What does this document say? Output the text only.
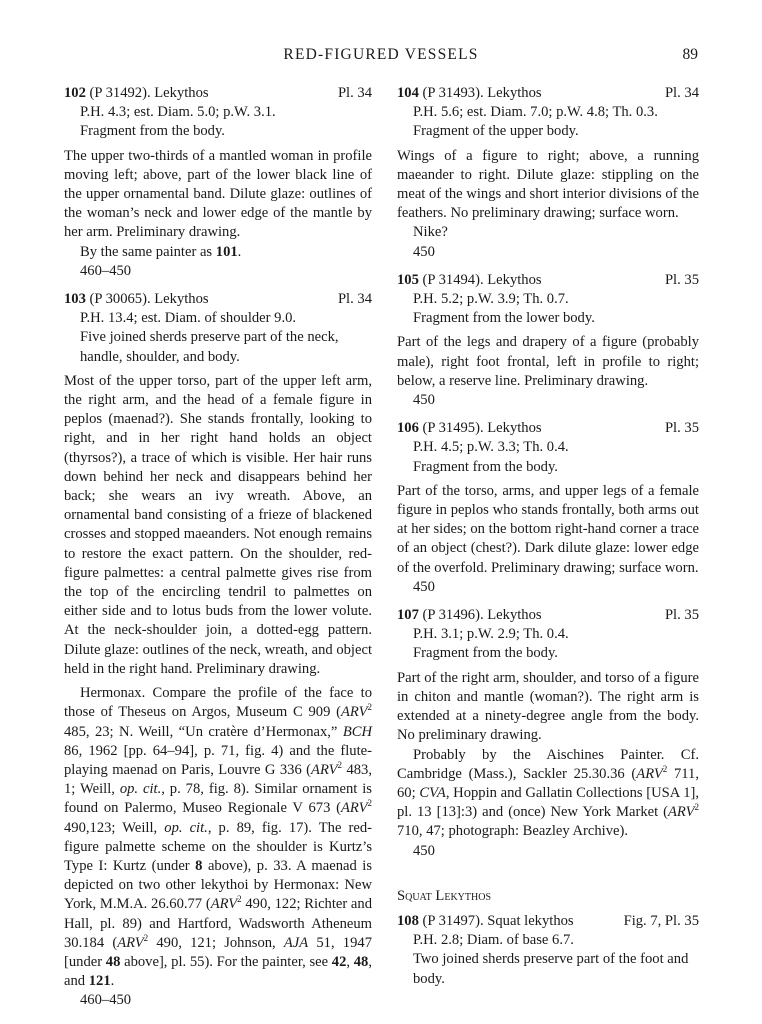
RED-FIGURED VESSELS	89

102 (P 31492). Lekythos	Pl. 34

P.H. 4.3; est. Diam. 5.0; p.W. 3.1.

Fragment from the body.

The upper two-thirds of a mantled woman in profile moving left; above, part of the lower black line of the upper ornamental band. Dilute glaze: outlines of the woman’s neck and lower edge of the mantle by her arm. Preliminary drawing.

By the same painter as 101.

460–450

103 (P 30065). Lekythos	Pl. 34

P.H. 13.4; est. Diam. of shoulder 9.0.

Five joined sherds preserve part of the neck, handle, shoulder, and body.

Most of the upper torso, part of the upper left arm, the right arm, and the head of a female figure in peplos (maenad?). She stands frontally, looking to right, and in her right hand holds an object (thyrsos?), a trace of which is visible. Her hair runs down behind her neck and disappears behind her back; she wears an ivy wreath. Above, an ornamental band consisting of a frieze of blackened crosses and stopped maeanders. Not enough remains to restore the exact pattern. On the shoulder, red-figure palmettes: a central palmette gives rise from the top of the encircling tendril to palmettes on either side and to lotus buds from the lower volute. At the neck-shoulder join, a dotted-egg pattern. Dilute glaze: outlines of the neck, wreath, and object held in the right hand. Preliminary drawing.

Hermonax. Compare the profile of the face to those of Theseus on Argos, Museum C 909 (ARV$^2$ 485, 23; N. Weill, “Un cratère d’Hermonax,” BCH 86, 1962 [pp. 64–94], p. 71, fig. 4) and the flute-playing maenad on Paris, Louvre G 336 (ARV$^2$ 483, 1; Weill, op. cit., p. 78, fig. 8). Similar ornament is found on Palermo, Museo Regionale V 673 (ARV$^2$ 490,123; Weill, op. cit., p. 89, fig. 17). The red-figure palmette scheme on the shoulder is Kurtz’s Type I: Kurtz (under 8 above), p. 33. A maenad is depicted on two other lekythoi by Hermonax: New York, M.M.A. 26.60.77 (ARV$^2$ 490, 122; Richter and Hall, pl. 89) and Hartford, Wadsworth Atheneum 30.184 (ARV$^2$ 490, 121; Johnson, AJA 51, 1947 [under 48 above], pl. 55). For the painter, see 42, 48, and 121.

460–450

104 (P 31493). Lekythos	Pl. 34

P.H. 5.6; est. Diam. 7.0; p.W. 4.8; Th. 0.3.

Fragment of the upper body.

Wings of a figure to right; above, a running maeander to right. Dilute glaze: stippling on the meat of the wings and short interior divisions of the feathers. No preliminary drawing; surface worn.

Nike?

450

105 (P 31494). Lekythos	Pl. 35

P.H. 5.2; p.W. 3.9; Th. 0.7.

Fragment from the lower body.

Part of the legs and drapery of a figure (probably male), right foot frontal, left in profile to right; below, a reserve line. Preliminary drawing.

450

106 (P 31495). Lekythos	Pl. 35

P.H. 4.5; p.W. 3.3; Th. 0.4.

Fragment from the body.

Part of the torso, arms, and upper legs of a female figure in peplos who stands frontally, both arms out at her sides; on the bottom right-hand corner a trace of an object (chest?). Dark dilute glaze: lower edge of the overfold. Preliminary drawing; surface worn.

450

107 (P 31496). Lekythos	Pl. 35

P.H. 3.1; p.W. 2.9; Th. 0.4.

Fragment from the body.

Part of the right arm, shoulder, and torso of a figure in chiton and mantle (woman?). The right arm is extended at a ninety-degree angle from the body. No preliminary drawing.

Probably by the Aischines Painter. Cf. Cambridge (Mass.), Sackler 25.30.36 (ARV$^2$ 711, 60; CVA, Hoppin and Gallatin Collections [USA 1], pl. 13 [13]:3) and (once) New York Market (ARV$^2$ 710, 47; photograph: Beazley Archive).

450

Squat Lekythos

108 (P 31497). Squat lekythos	Fig. 7, Pl. 35

P.H. 2.8; Diam. of base 6.7.

Two joined sherds preserve part of the foot and body.
